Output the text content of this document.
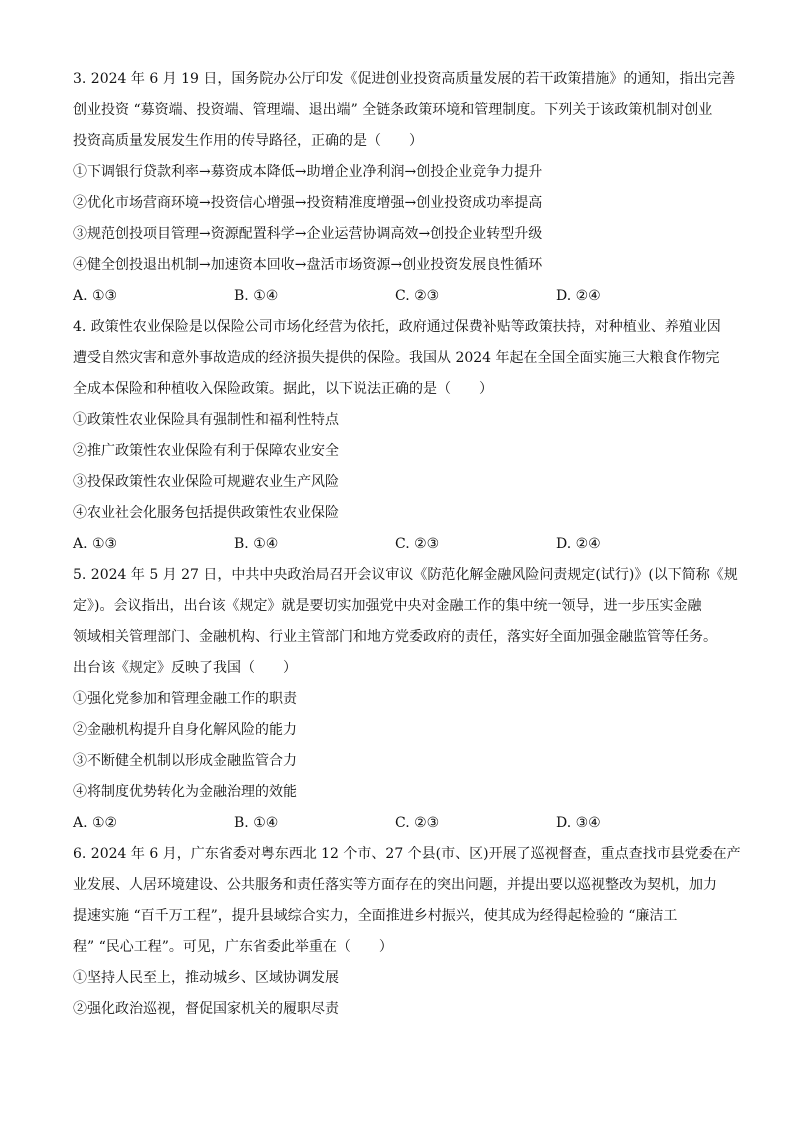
3. 2024 年 6 月 19 日，国务院办公厅印发《促进创业投资高质量发展的若干政策措施》的通知，指出完善
创业投资 “募资端、投资端、管理端、退出端” 全链条政策环境和管理制度。下列关于该政策机制对创业
投资高质量发展发生作用的传导路径，正确的是（　　）
①下调银行贷款利率→募资成本降低→助增企业净利润→创投企业竞争力提升
②优化市场营商环境→投资信心增强→投资精准度增强→创业投资成功率提高
③规范创投项目管理→资源配置科学→企业运营协调高效→创投企业转型升级
④健全创投退出机制→加速资本回收→盘活市场资源→创业投资发展良性循环
A. ①③	B. ①④	C. ②③	D. ②④
4. 政策性农业保险是以保险公司市场化经营为依托，政府通过保费补贴等政策扶持，对种植业、养殖业因
遭受自然灾害和意外事故造成的经济损失提供的保险。我国从 2024 年起在全国全面实施三大粮食作物完
全成本保险和种植收入保险政策。据此，以下说法正确的是（　　）
①政策性农业保险具有强制性和福利性特点
②推广政策性农业保险有利于保障农业安全
③投保政策性农业保险可规避农业生产风险
④农业社会化服务包括提供政策性农业保险
A. ①③	B. ①④	C. ②③	D. ②④
5. 2024 年 5 月 27 日，中共中央政治局召开会议审议《防范化解金融风险问责规定(试行)》(以下简称《规
定》)。会议指出，出台该《规定》就是要切实加强党中央对金融工作的集中统一领导，进一步压实金融
领域相关管理部门、金融机构、行业主管部门和地方党委政府的责任，落实好全面加强金融监管等任务。
出台该《规定》反映了我国（　　）
①强化党参加和管理金融工作的职责
②金融机构提升自身化解风险的能力
③不断健全机制以形成金融监管合力
④将制度优势转化为金融治理的效能
A. ①②	B. ①④	C. ②③	D. ③④
6. 2024 年 6 月，广东省委对粤东西北 12 个市、27 个县(市、区)开展了巡视督查，重点查找市县党委在产
业发展、人居环境建设、公共服务和责任落实等方面存在的突出问题，并提出要以巡视整改为契机，加力
提速实施 “百千万工程”，提升县域综合实力，全面推进乡村振兴，使其成为经得起检验的 “廉洁工
程” “民心工程”。可见，广东省委此举重在（　　）
①坚持人民至上，推动城乡、区域协调发展
②强化政治巡视，督促国家机关的履职尽责
